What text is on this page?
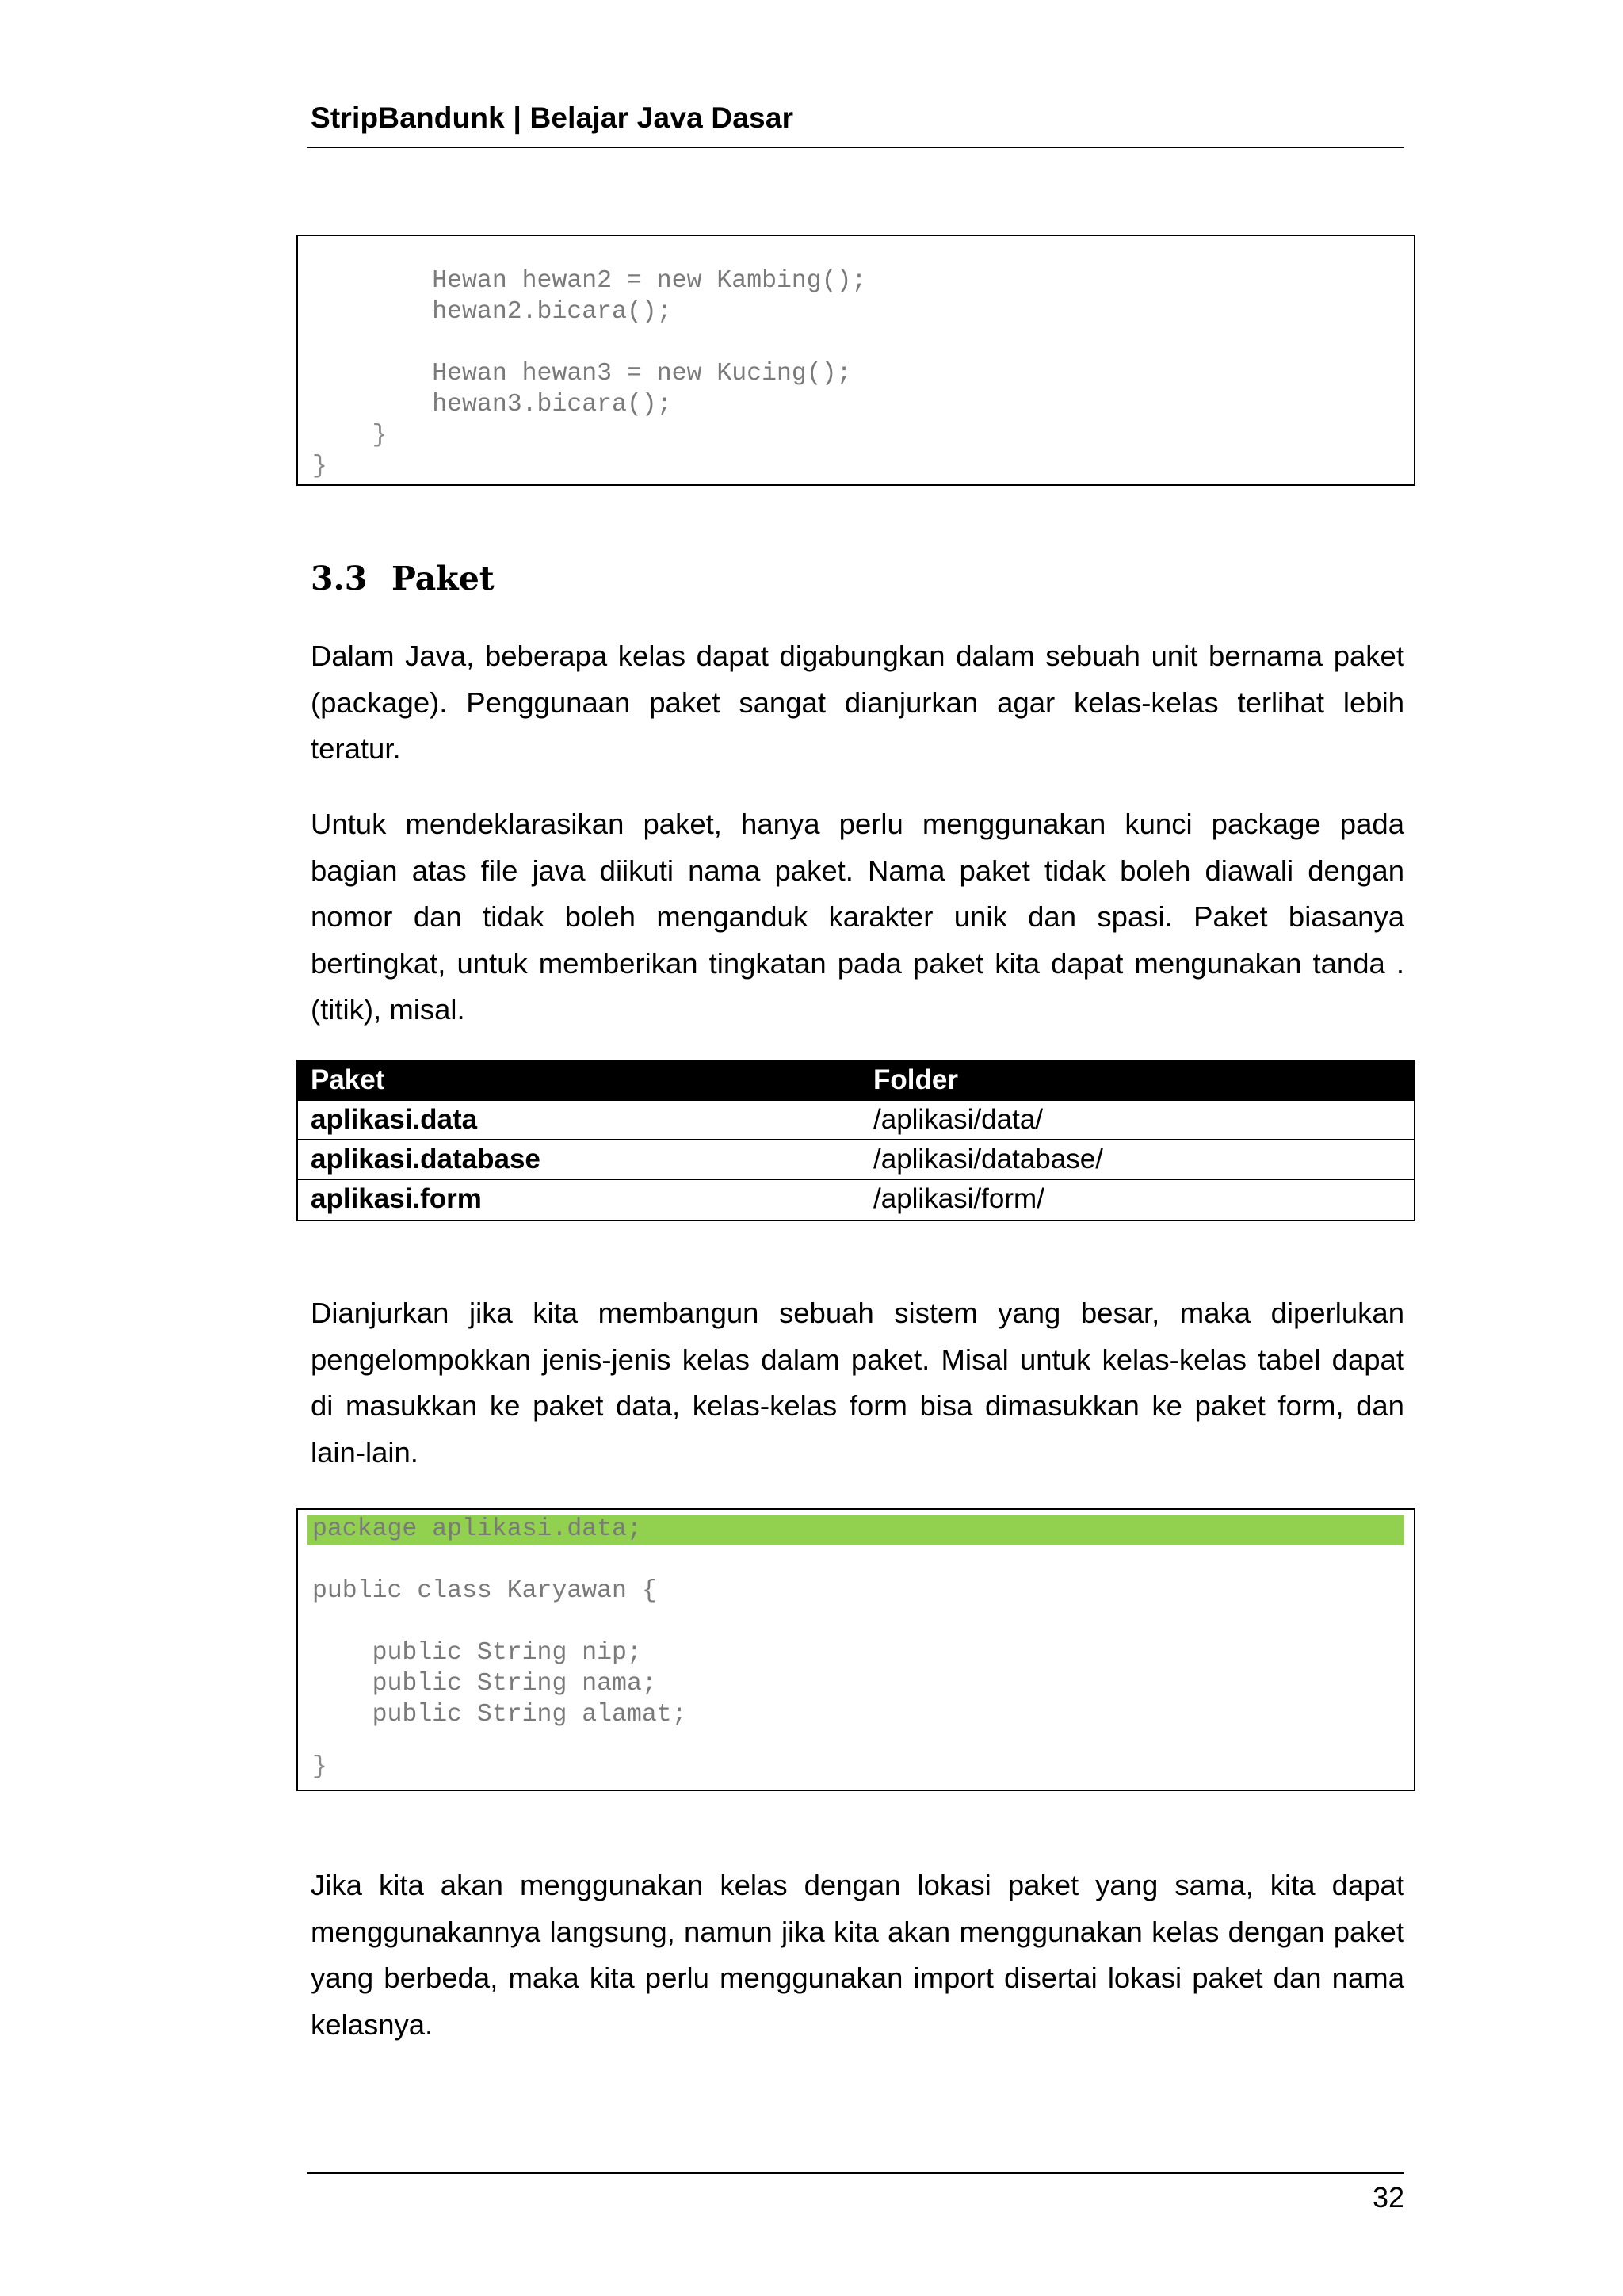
StripBandunk | Belajar Java Dasar
Hewan hewan2 = new Kambing();
hewan2.bicara();
Hewan hewan3 = new Kucing();
hewan3.bicara();
}
}
3.3 Paket
Dalam Java, beberapa kelas dapat digabungkan dalam sebuah unit bernama paket (package). Penggunaan paket sangat dianjurkan agar kelas-kelas terlihat lebih teratur.
Untuk mendeklarasikan paket, hanya perlu menggunakan kunci package pada bagian atas file java diikuti nama paket. Nama paket tidak boleh diawali dengan nomor dan tidak boleh menganduk karakter unik dan spasi. Paket biasanya bertingkat, untuk memberikan tingkatan pada paket kita dapat mengunakan tanda . (titik), misal.
Paket	Folder
aplikasi.data	/aplikasi/data/
aplikasi.database	/aplikasi/database/
aplikasi.form	/aplikasi/form/
Dianjurkan jika kita membangun sebuah sistem yang besar, maka diperlukan pengelompokkan jenis-jenis kelas dalam paket. Misal untuk kelas-kelas tabel dapat di masukkan ke paket data, kelas-kelas form bisa dimasukkan ke paket form, dan lain-lain.
package aplikasi.data;
public class Karyawan {
public String nip;
public String nama;
public String alamat;
}
Jika kita akan menggunakan kelas dengan lokasi paket yang sama, kita dapat menggunakannya langsung, namun jika kita akan menggunakan kelas dengan paket yang berbeda, maka kita perlu menggunakan import disertai lokasi paket dan nama kelasnya.
32
